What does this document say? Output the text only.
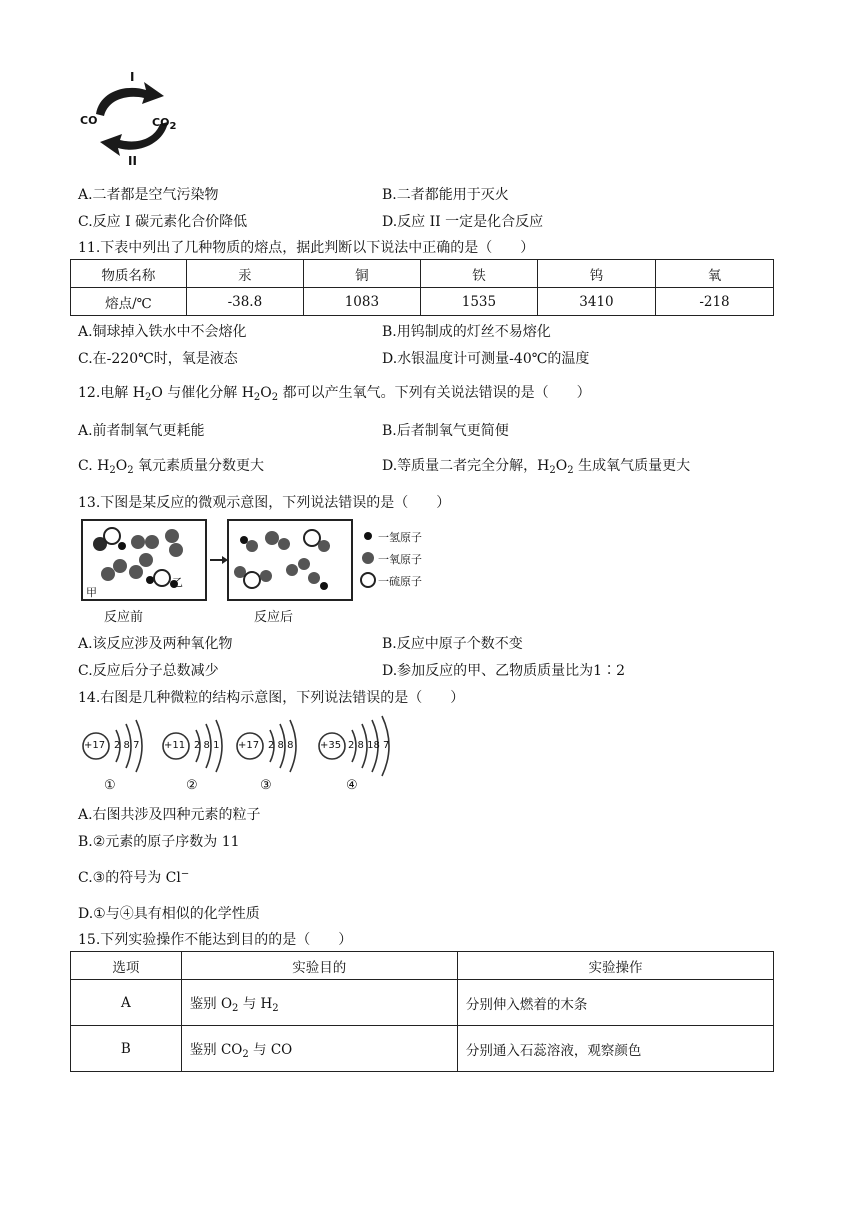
I
II
CO	$CO_2$
A.二者都是空气污染物	B.二者都能用于灭火
C.反应 I 碳元素化合价降低	D.反应 II 一定是化合反应
11.下表中列出了几种物质的熔点，据此判断以下说法中正确的是（　　）
物质名称	汞	铜	铁	钨	氧
熔点/℃	-38.8	1083	1535	3410	-218
A.铜球掉入铁水中不会熔化	B.用钨制成的灯丝不易熔化
C.在-220℃时，氧是液态	D.水银温度计可测量-40℃的温度
12.电解 $H_2O$ 与催化分解 $H_2O_2$ 都可以产生氧气。下列有关说法错误的是（　　）
A.前者制氧气更耗能	B.后者制氧气更简便
C. $H_2O_2$ 氧元素质量分数更大	D.等质量二者完全分解，$H_2O_2$ 生成氧气质量更大
13.下图是某反应的微观示意图，下列说法错误的是（　　）
甲
乙
反应前	反应后
一氢原子
一氧原子
一硫原子
A.该反应涉及两种氧化物	B.反应中原子个数不变
C.反应后分子总数减少	D.参加反应的甲、乙物质质量比为1∶2
14.右图是几种微粒的结构示意图，下列说法错误的是（　　）
+17 2 8 7
①
+11 2 8 1
②
+17 2 8 8
③
+35 2 8 18 7
④
A.右图共涉及四种元素的粒子
B.②元素的原子序数为 11
C.③的符号为 Cl−
D.①与④具有相似的化学性质
15.下列实验操作不能达到目的的是（　　）
选项	实验目的	实验操作
A	鉴别 $O_2$ 与 $H_2$	分别伸入燃着的木条
B	鉴别 $CO_2$ 与 CO	分别通入石蕊溶液，观察颜色
